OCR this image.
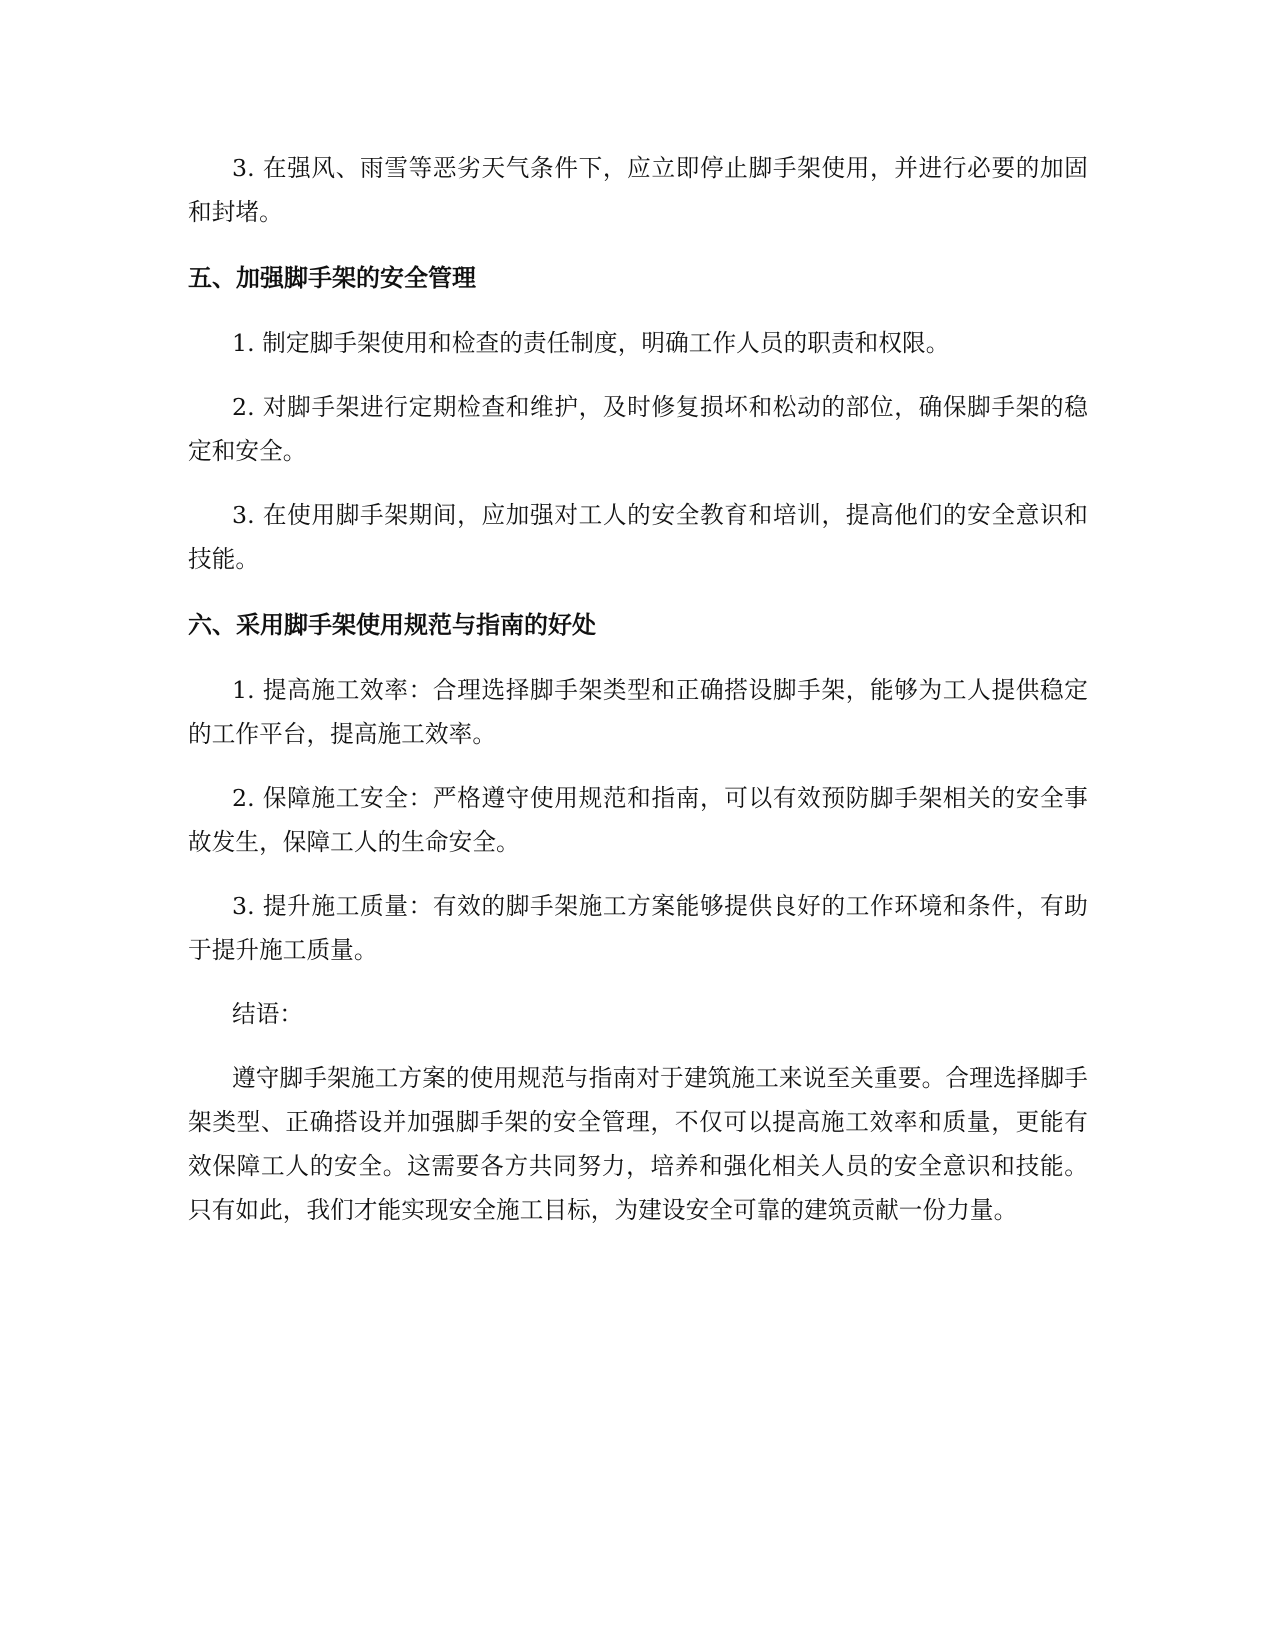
3. 在强风、雨雪等恶劣天气条件下，应立即停止脚手架使用，并进行必要的加固和封堵。

五、加强脚手架的安全管理

1. 制定脚手架使用和检查的责任制度，明确工作人员的职责和权限。

2. 对脚手架进行定期检查和维护，及时修复损坏和松动的部位，确保脚手架的稳定和安全。

3. 在使用脚手架期间，应加强对工人的安全教育和培训，提高他们的安全意识和技能。

六、采用脚手架使用规范与指南的好处

1. 提高施工效率：合理选择脚手架类型和正确搭设脚手架，能够为工人提供稳定的工作平台，提高施工效率。

2. 保障施工安全：严格遵守使用规范和指南，可以有效预防脚手架相关的安全事故发生，保障工人的生命安全。

3. 提升施工质量：有效的脚手架施工方案能够提供良好的工作环境和条件，有助于提升施工质量。

结语：

遵守脚手架施工方案的使用规范与指南对于建筑施工来说至关重要。合理选择脚手架类型、正确搭设并加强脚手架的安全管理，不仅可以提高施工效率和质量，更能有效保障工人的安全。这需要各方共同努力，培养和强化相关人员的安全意识和技能。只有如此，我们才能实现安全施工目标，为建设安全可靠的建筑贡献一份力量。
